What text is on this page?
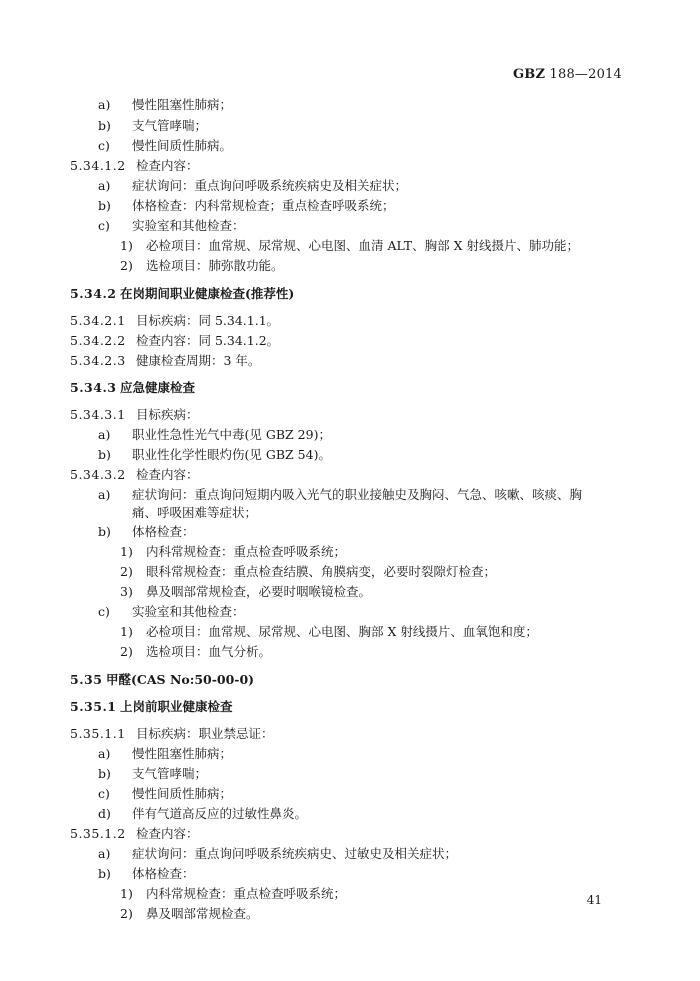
GBZ 188—2014
a) 慢性阻塞性肺病；
b) 支气管哮喘；
c) 慢性间质性肺病。
5.34.1.2 检查内容：
a) 症状询问：重点询问呼吸系统疾病史及相关症状；
b) 体格检查：内科常规检查；重点检查呼吸系统；
c) 实验室和其他检查：
1) 必检项目：血常规、尿常规、心电图、血清 ALT、胸部 X 射线摄片、肺功能；
2) 选检项目：肺弥散功能。
5.34.2 在岗期间职业健康检查(推荐性)
5.34.2.1 目标疾病：同 5.34.1.1。
5.34.2.2 检查内容：同 5.34.1.2。
5.34.2.3 健康检查周期：3 年。
5.34.3 应急健康检查
5.34.3.1 目标疾病：
a) 职业性急性光气中毒(见 GBZ 29)；
b) 职业性化学性眼灼伤(见 GBZ 54)。
5.34.3.2 检查内容：
a) 症状询问：重点询问短期内吸入光气的职业接触史及胸闷、气急、咳嗽、咳痰、胸痛、呼吸困难等症状；
b) 体格检查：
1) 内科常规检查：重点检查呼吸系统；
2) 眼科常规检查：重点检查结膜、角膜病变，必要时裂隙灯检查；
3) 鼻及咽部常规检查，必要时咽喉镜检查。
c) 实验室和其他检查：
1) 必检项目：血常规、尿常规、心电图、胸部 X 射线摄片、血氧饱和度；
2) 选检项目：血气分析。
5.35 甲醛(CAS No:50-00-0)
5.35.1 上岗前职业健康检查
5.35.1.1 目标疾病：职业禁忌证：
a) 慢性阻塞性肺病；
b) 支气管哮喘；
c) 慢性间质性肺病；
d) 伴有气道高反应的过敏性鼻炎。
5.35.1.2 检查内容：
a) 症状询问：重点询问呼吸系统疾病史、过敏史及相关症状；
b) 体格检查：
1) 内科常规检查：重点检查呼吸系统；
2) 鼻及咽部常规检查。
41
